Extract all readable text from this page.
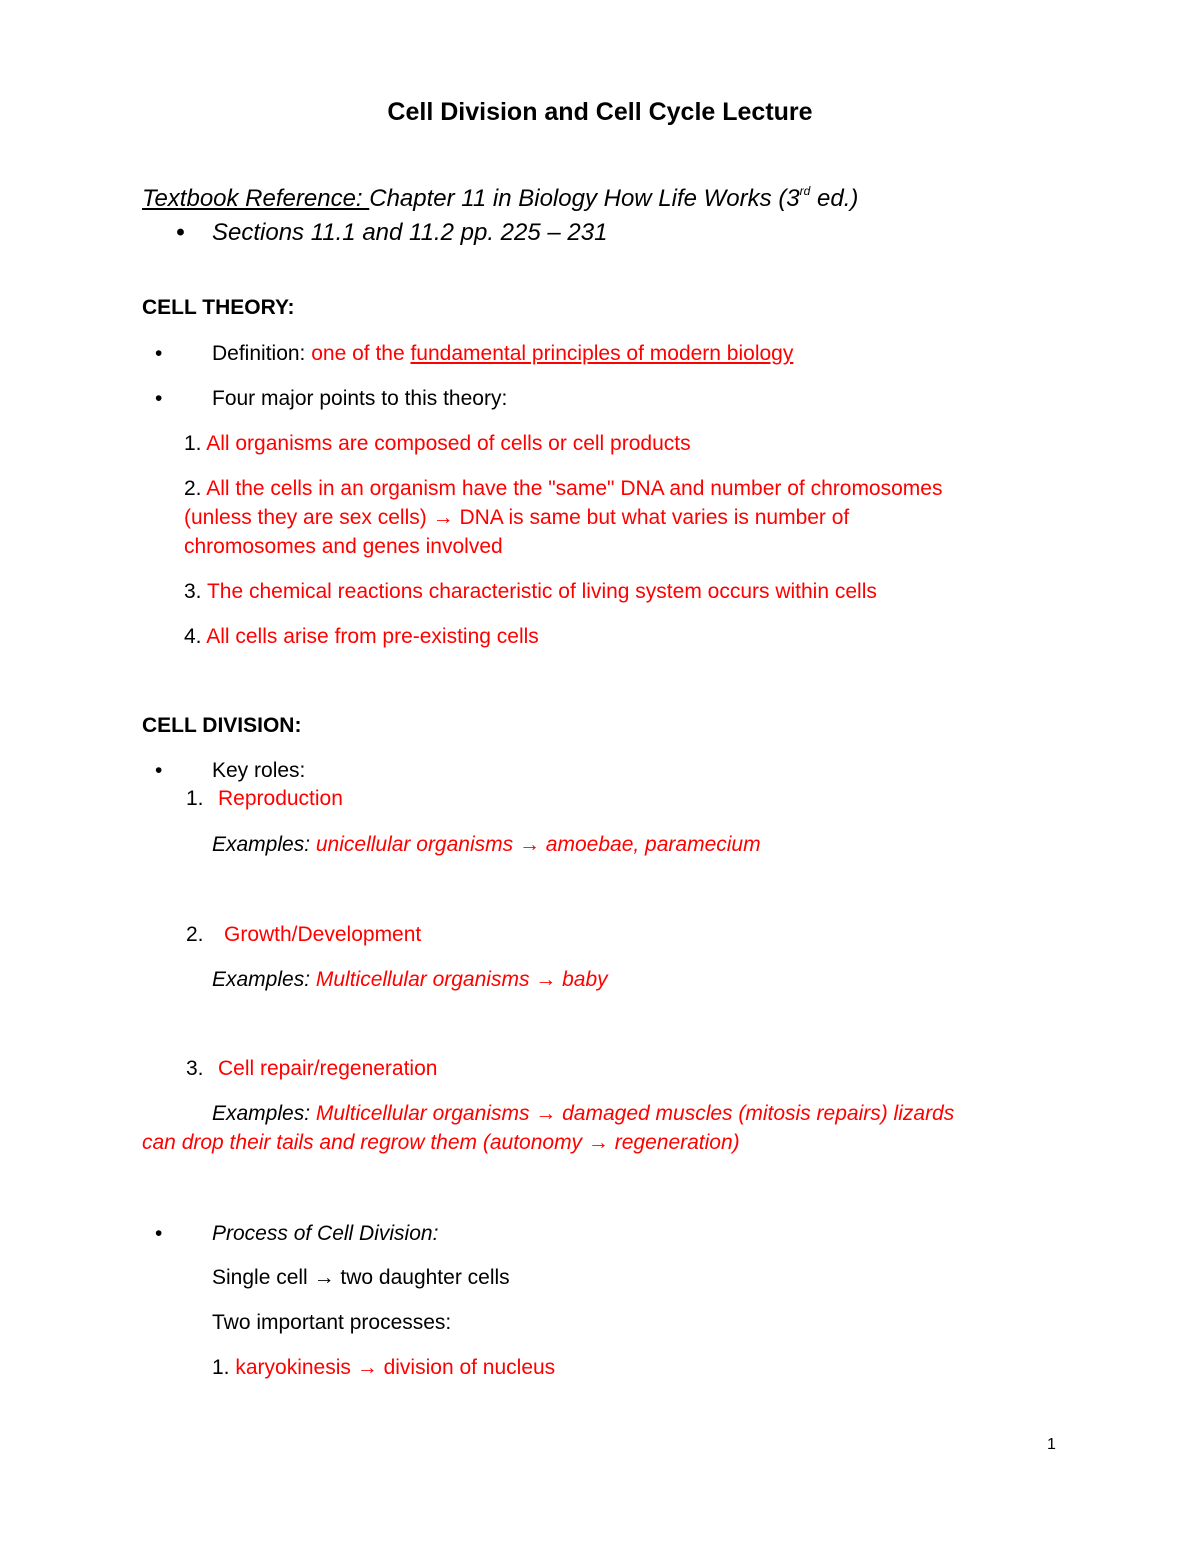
Cell Division and Cell Cycle Lecture
Textbook Reference: Chapter 11 in Biology How Life Works (3rd ed.)
• Sections 11.1 and 11.2 pp. 225 – 231
CELL THEORY:
• Definition: one of the fundamental principles of modern biology
• Four major points to this theory:
1. All organisms are composed of cells or cell products
2. All the cells in an organism have the "same" DNA and number of chromosomes
(unless they are sex cells) → DNA is same but what varies is number of
chromosomes and genes involved
3. The chemical reactions characteristic of living system occurs within cells
4. All cells arise from pre-existing cells
CELL DIVISION:
• Key roles:
1. Reproduction
Examples: unicellular organisms → amoebae, paramecium
2. Growth/Development
Examples: Multicellular organisms → baby
3. Cell repair/regeneration
Examples: Multicellular organisms → damaged muscles (mitosis repairs) lizards
can drop their tails and regrow them (autonomy → regeneration)
• Process of Cell Division:
Single cell → two daughter cells
Two important processes:
1. karyokinesis → division of nucleus
1
